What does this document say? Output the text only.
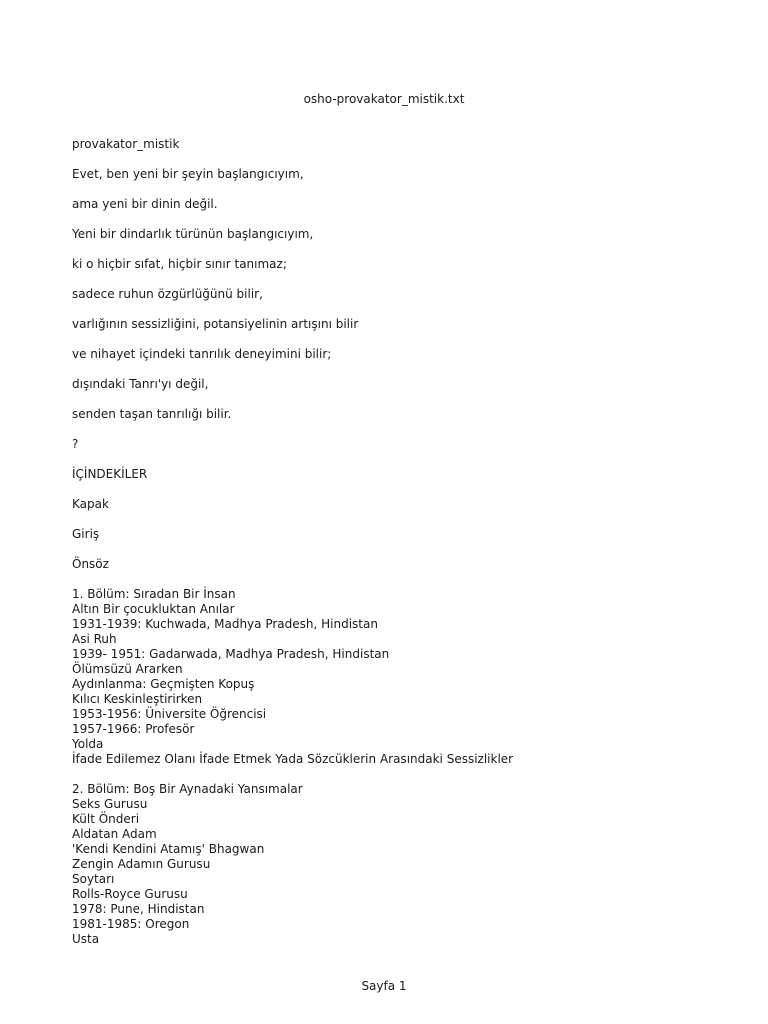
osho-provakator_mistik.txt
provakator_mistik
Evet, ben yeni bir şeyin başlangıcıyım,
ama yeni bir dinin değil.
Yeni bir dindarlık türünün başlangıcıyım,
ki o hiçbir sıfat, hiçbir sınır tanımaz;
sadece ruhun özgürlüğünü bilir,
varlığının sessizliğini, potansiyelinin artışını bilir
ve nihayet içindeki tanrılık deneyimini bilir;
dışındaki Tanrı'yı değil,
senden taşan tanrılığı bilir.
?
İÇİNDEKİLER
Kapak
Giriş
Önsöz
1. Bölüm: Sıradan Bir İnsan
Altın Bir çocukluktan Anılar
1931-1939: Kuchwada, Madhya Pradesh, Hindistan
Asi Ruh
1939- 1951: Gadarwada, Madhya Pradesh, Hindistan
Ölümsüzü Ararken
Aydınlanma: Geçmişten Kopuş
Kılıcı Keskinleştirirken
1953-1956: Üniversite Öğrencisi
1957-1966: Profesör
Yolda
İfade Edilemez Olanı İfade Etmek Yada Sözcüklerin Arasındaki Sessizlikler
2. Bölüm: Boş Bir Aynadaki Yansımalar
Seks Gurusu
Kült Önderi
Aldatan Adam
'Kendi Kendini Atamış' Bhagwan
Zengin Adamın Gurusu
Soytarı
Rolls-Royce Gurusu
1978: Pune, Hindistan
1981-1985: Oregon
Usta
Sayfa 1
